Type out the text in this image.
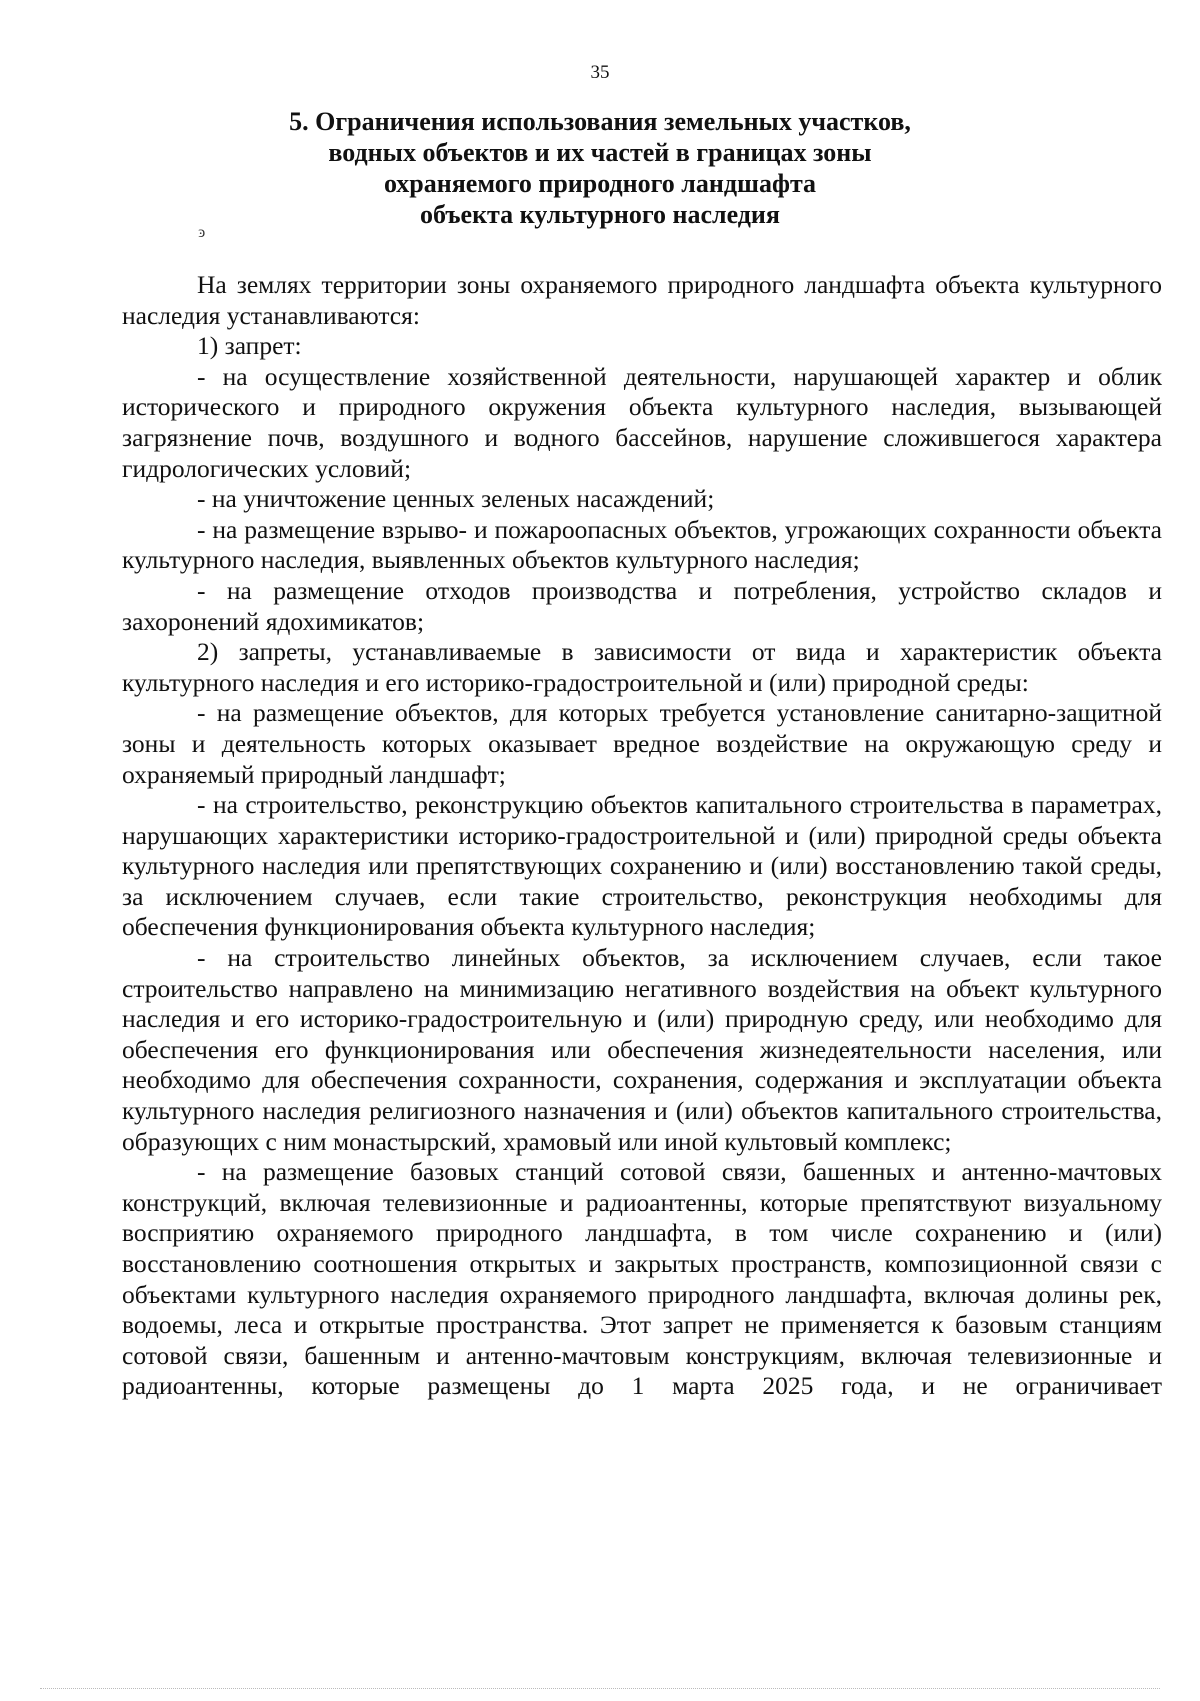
35
5. Ограничения использования земельных участков,
водных объектов и их частей в границах зоны
охраняемого природного ландшафта
объекта культурного наследия
ͽ

На землях территории зоны охраняемого природного ландшафта объекта культурного наследия устанавливаются:

1) запрет:

- на осуществление хозяйственной деятельности, нарушающей характер и облик исторического и природного окружения объекта культурного наследия, вызывающей загрязнение почв, воздушного и водного бассейнов, нарушение сложившегося характера гидрологических условий;

- на уничтожение ценных зеленых насаждений;

- на размещение взрыво- и пожароопасных объектов, угрожающих сохранности объекта культурного наследия, выявленных объектов культурного наследия;

- на размещение отходов производства и потребления, устройство складов и захоронений ядохимикатов;

2) запреты, устанавливаемые в зависимости от вида и характеристик объекта культурного наследия и его историко-градостроительной и (или) природной среды:

- на размещение объектов, для которых требуется установление санитарно-защитной зоны и деятельность которых оказывает вредное воздействие на окружающую среду и охраняемый природный ландшафт;

- на строительство, реконструкцию объектов капитального строительства в параметрах, нарушающих характеристики историко-градостроительной и (или) природной среды объекта культурного наследия или препятствующих сохранению и (или) восстановлению такой среды, за исключением случаев, если такие строительство, реконструкция необходимы для обеспечения функционирования объекта культурного наследия;

- на строительство линейных объектов, за исключением случаев, если такое строительство направлено на минимизацию негативного воздействия на объект культурного наследия и его историко-градостроительную и (или) природную среду, или необходимо для обеспечения его функционирования или обеспечения жизнедеятельности населения, или необходимо для обеспечения сохранности, сохранения, содержания и эксплуатации объекта культурного наследия религиозного назначения и (или) объектов капитального строительства, образующих с ним монастырский, храмовый или иной культовый комплекс;

- на размещение базовых станций сотовой связи, башенных и антенно-мачтовых конструкций, включая телевизионные и радиоантенны, которые препятствуют визуальному восприятию охраняемого природного ландшафта, в том числе сохранению и (или) восстановлению соотношения открытых и закрытых пространств, композиционной связи с объектами культурного наследия охраняемого природного ландшафта, включая долины рек, водоемы, леса и открытые пространства. Этот запрет не применяется к базовым станциям сотовой связи, башенным и антенно-мачтовым конструкциям, включая телевизионные и радиоантенны, которые размещены до 1 марта 2025 года, и не ограничивает
